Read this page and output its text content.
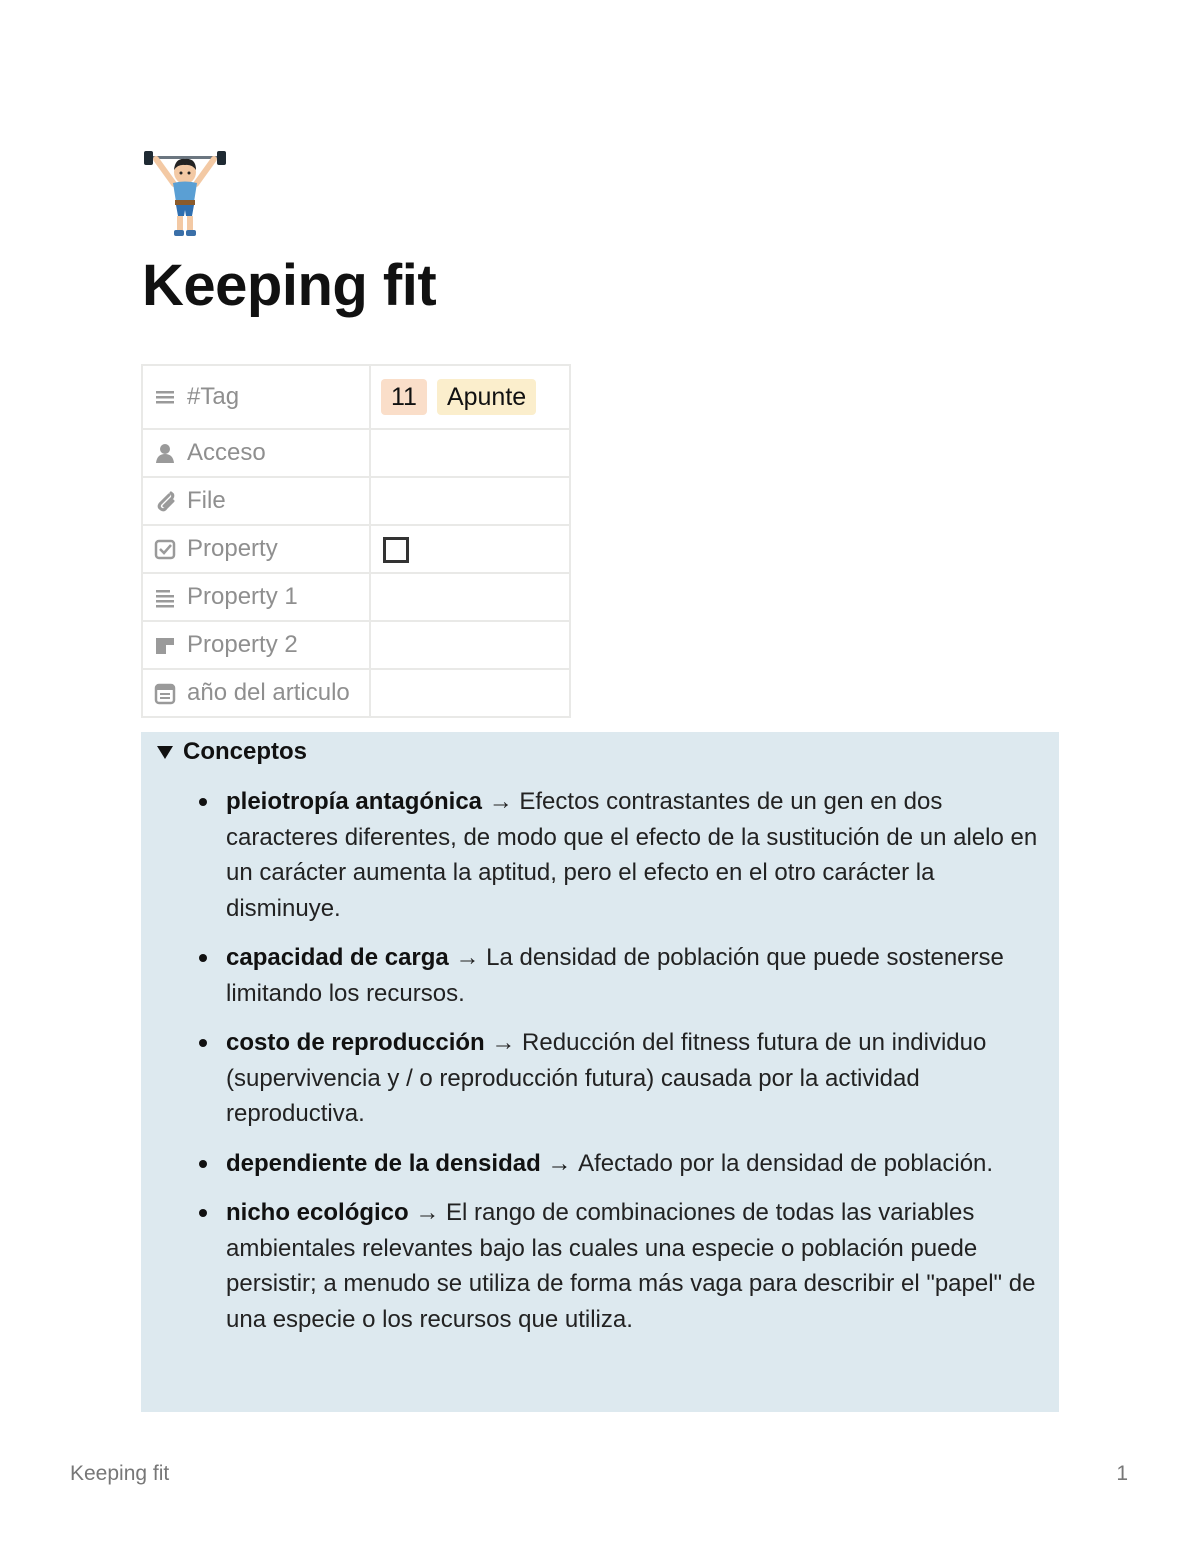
Keeping fit
#Tag	11 Apunte

Acceso	

File	

Property	

Property 1	

Property 2	

año del articulo	

Conceptos
pleiotropía antagónica → Efectos contrastantes de un gen en dos caracteres diferentes, de modo que el efecto de la sustitución de un alelo en un carácter aumenta la aptitud, pero el efecto en el otro carácter la disminuye.
capacidad de carga → La densidad de población que puede sostenerse limitando los recursos.
costo de reproducción → Reducción del fitness futura de un individuo (supervivencia y / o reproducción futura) causada por la actividad reproductiva.
dependiente de la densidad → Afectado por la densidad de población.
nicho ecológico → El rango de combinaciones de todas las variables ambientales relevantes bajo las cuales una especie o población puede persistir; a menudo se utiliza de forma más vaga para describir el "papel" de una especie o los recursos que utiliza.
Keeping fit	1
